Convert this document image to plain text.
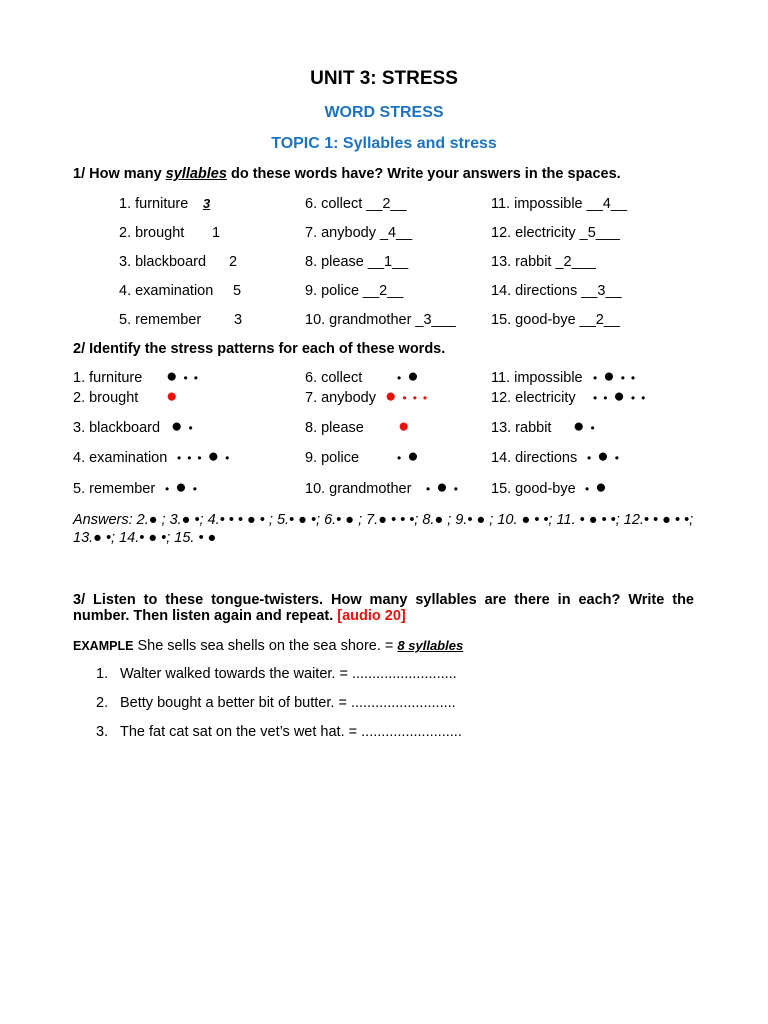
UNIT 3: STRESS
WORD STRESS
TOPIC 1: Syllables and stress
1/ How many syllables do these words have? Write your answers in the spaces.
1. furniture 3
2. brought 1
3. blackboard 2
4. examination 5
5. remember 3
6. collect __2__
7. anybody _4__
8. please __1__
9. police __2__
10. grandmother _3___
11. impossible __4__
12. electricity _5___
13. rabbit _2___
14. directions __3__
15. good-bye __2__
2/ Identify the stress patterns for each of these words.
1. furniture ● • •
2. brought ●
3. blackboard ● •
4. examination • • • ● •
5. remember • ● •
6. collect	• ●
7. anybody ● • • •
8. please ●
9. police	• ●
10. grandmother • ● •
11. impossible • ● • •
12. electricity • • ● • •
13. rabbit ● •
14. directions • ● •
15. good-bye • ●
Answers: 2.● ; 3.● •; 4.• • • ● • ; 5.• ● •; 6.• ● ; 7.● • • •; 8.● ; 9.• ● ; 10. ● • •; 11. • ● • •; 12.• • ● • •; 13.● •; 14.• ● •; 15. • ●
3/ Listen to these tongue-twisters. How many syllables are there in each? Write the number. Then listen again and repeat. [audio 20]
EXAMPLE She sells sea shells on the sea shore. = 8 syllables
1. Walter walked towards the waiter. = ..........................
2. Betty bought a better bit of butter. = ..........................
3. The fat cat sat on the vet’s wet hat. = .........................
